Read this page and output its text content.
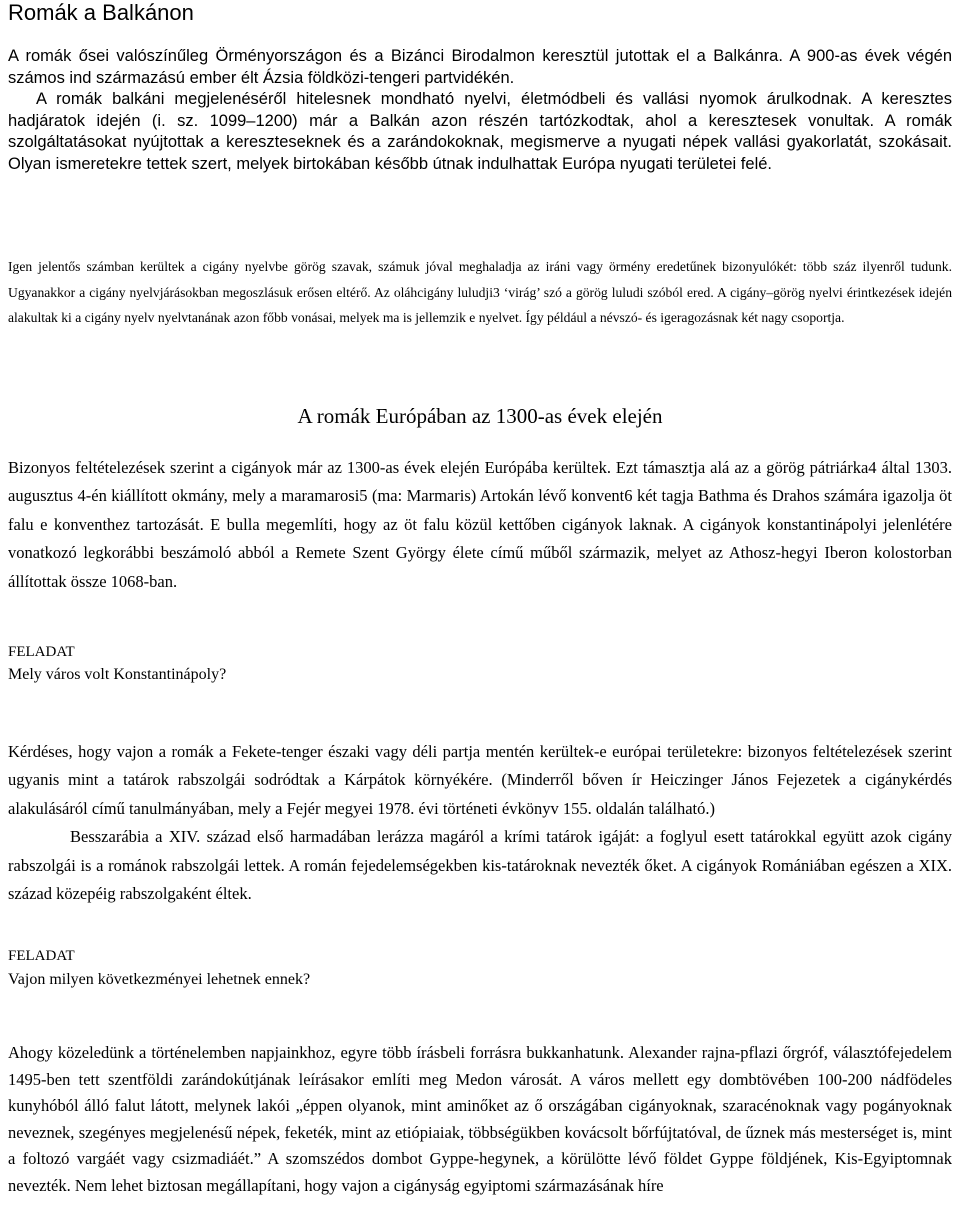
Romák a Balkánon
A romák ősei valószínűleg Örményországon és a Bizánci Birodalmon keresztül jutottak el a Balkánra. A 900-as évek végén számos ind származású ember élt Ázsia földközi-tengeri partvidékén.
A romák balkáni megjelenéséről hitelesnek mondható nyelvi, életmódbeli és vallási nyomok árulkodnak. A keresztes hadjáratok idején (i. sz. 1099–1200) már a Balkán azon részén tartózkodtak, ahol a keresztesek vonultak. A romák szolgáltatásokat nyújtottak a kereszteseknek és a zarándokoknak, megismerve a nyugati népek vallási gyakorlatát, szokásait. Olyan ismeretekre tettek szert, melyek birtokában később útnak indulhattak Európa nyugati területei felé.
Igen jelentős számban kerültek a cigány nyelvbe görög szavak, számuk jóval meghaladja az iráni vagy örmény eredetűnek bizonyulókét: több száz ilyenről tudunk. Ugyanakkor a cigány nyelvjárásokban megoszlásuk erősen eltérő. Az oláhcigány luludji3 ‘virág’ szó a görög luludi szóból ered. A cigány–görög nyelvi érintkezések idején alakultak ki a cigány nyelv nyelvtanának azon főbb vonásai, melyek ma is jellemzik e nyelvet. Így például a névszó- és igeragozásnak két nagy csoportja.
A romák Európában az 1300-as évek elején
Bizonyos feltételezések szerint a cigányok már az 1300-as évek elején Európába kerültek. Ezt támasztja alá az a görög pátriárka4 által 1303. augusztus 4-én kiállított okmány, mely a maramarosi5 (ma: Marmaris) Artokán lévő konvent6 két tagja Bathma és Drahos számára igazolja öt falu e konventhez tartozását. E bulla megemlíti, hogy az öt falu közül kettőben cigányok laknak. A cigányok konstantinápolyi jelenlétére vonatkozó legkorábbi beszámoló abból a Remete Szent György élete című műből származik, melyet az Athosz-hegyi Iberon kolostorban állítottak össze 1068-ban.
FELADAT
Mely város volt Konstantinápoly?
Kérdéses, hogy vajon a romák a Fekete-tenger északi vagy déli partja mentén kerültek-e európai területekre: bizonyos feltételezések szerint ugyanis mint a tatárok rabszolgái sodródtak a Kárpátok környékére. (Minderről bőven ír Heiczinger János Fejezetek a cigánykérdés alakulásáról című tanulmányában, mely a Fejér megyei 1978. évi történeti évkönyv 155. oldalán található.)
Besszarábia a XIV. század első harmadában lerázza magáról a krími tatárok igáját: a foglyul esett tatárokkal együtt azok cigány rabszolgái is a románok rabszolgái lettek. A román fejedelemségekben kis-tatároknak nevezték őket. A cigányok Romániában egészen a XIX. század közepéig rabszolgaként éltek.
FELADAT
Vajon milyen következményei lehetnek ennek?
Ahogy közeledünk a történelemben napjainkhoz, egyre több írásbeli forrásra bukkanhatunk. Alexander rajna-pflazi őrgróf, választófejedelem 1495-ben tett szentföldi zarándokútjának leírásakor említi meg Medon városát. A város mellett egy dombtövében 100-200 nádfödeles kunyhóból álló falut látott, melynek lakói „éppen olyanok, mint aminőket az ő országában cigányoknak, szaracénoknak vagy pogányoknak neveznek, szegényes megjelenésű népek, feketék, mint az etiópiaiak, többségükben kovácsolt bőrfújtatóval, de űznek más mesterséget is, mint a foltozó vargáét vagy csizmadiáét.” A szomszédos dombot Gyppe-hegynek, a körülötte lévő földet Gyppe földjének, Kis-Egyiptomnak nevezték. Nem lehet biztosan megállapítani, hogy vajon a cigányság egyiptomi származásának híre
